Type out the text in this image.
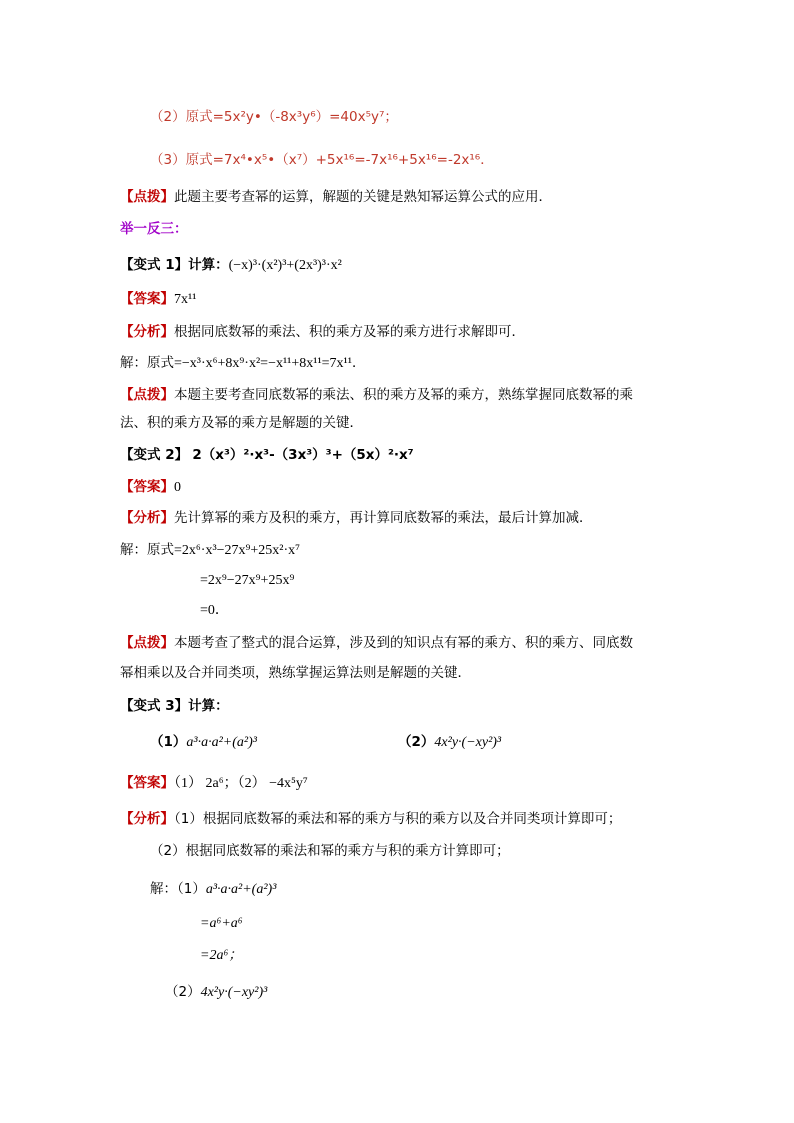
（2）原式=5x²y•（-8x³y⁶）=40x⁵y⁷；
（3）原式=7x⁴•x⁵•（x⁷）+5x¹⁶=-7x¹⁶+5x¹⁶=-2x¹⁶．
【点拨】此题主要考查幂的运算，解题的关键是熟知幂运算公式的应用．
举一反三：
【变式 1】计算：(−x)³·(x²)³+(2x³)³·x²
【答案】7x¹¹
【分析】根据同底数幂的乘法、积的乘方及幂的乘方进行求解即可．
解：原式=−x³·x⁶+8x⁹·x²=−x¹¹+8x¹¹=7x¹¹．
【点拨】本题主要考查同底数幂的乘法、积的乘方及幂的乘方，熟练掌握同底数幂的乘
法、积的乘方及幂的乘方是解题的关键．
【变式 2】 2（x³）²·x³-（3x³）³+（5x）²·x⁷
【答案】0
【分析】先计算幂的乘方及积的乘方，再计算同底数幂的乘法，最后计算加减．
解：原式=2x⁶·x³−27x⁹+25x²·x⁷
=2x⁹−27x⁹+25x⁹
=0．
【点拨】本题考查了整式的混合运算，涉及到的知识点有幂的乘方、积的乘方、同底数
幂相乘以及合并同类项，熟练掌握运算法则是解题的关键．
【变式 3】计算：
（1）a³·a·a²+(a²)³	（2）4x²y·(−xy²)³
【答案】（1） 2a⁶；（2） −4x⁵y⁷
【分析】（1）根据同底数幂的乘法和幂的乘方与积的乘方以及合并同类项计算即可；
（2）根据同底数幂的乘法和幂的乘方与积的乘方计算即可；
解：（1）a³·a·a²+(a²)³
=a⁶+a⁶
=2a⁶；
（2）4x²y·(−xy²)³
